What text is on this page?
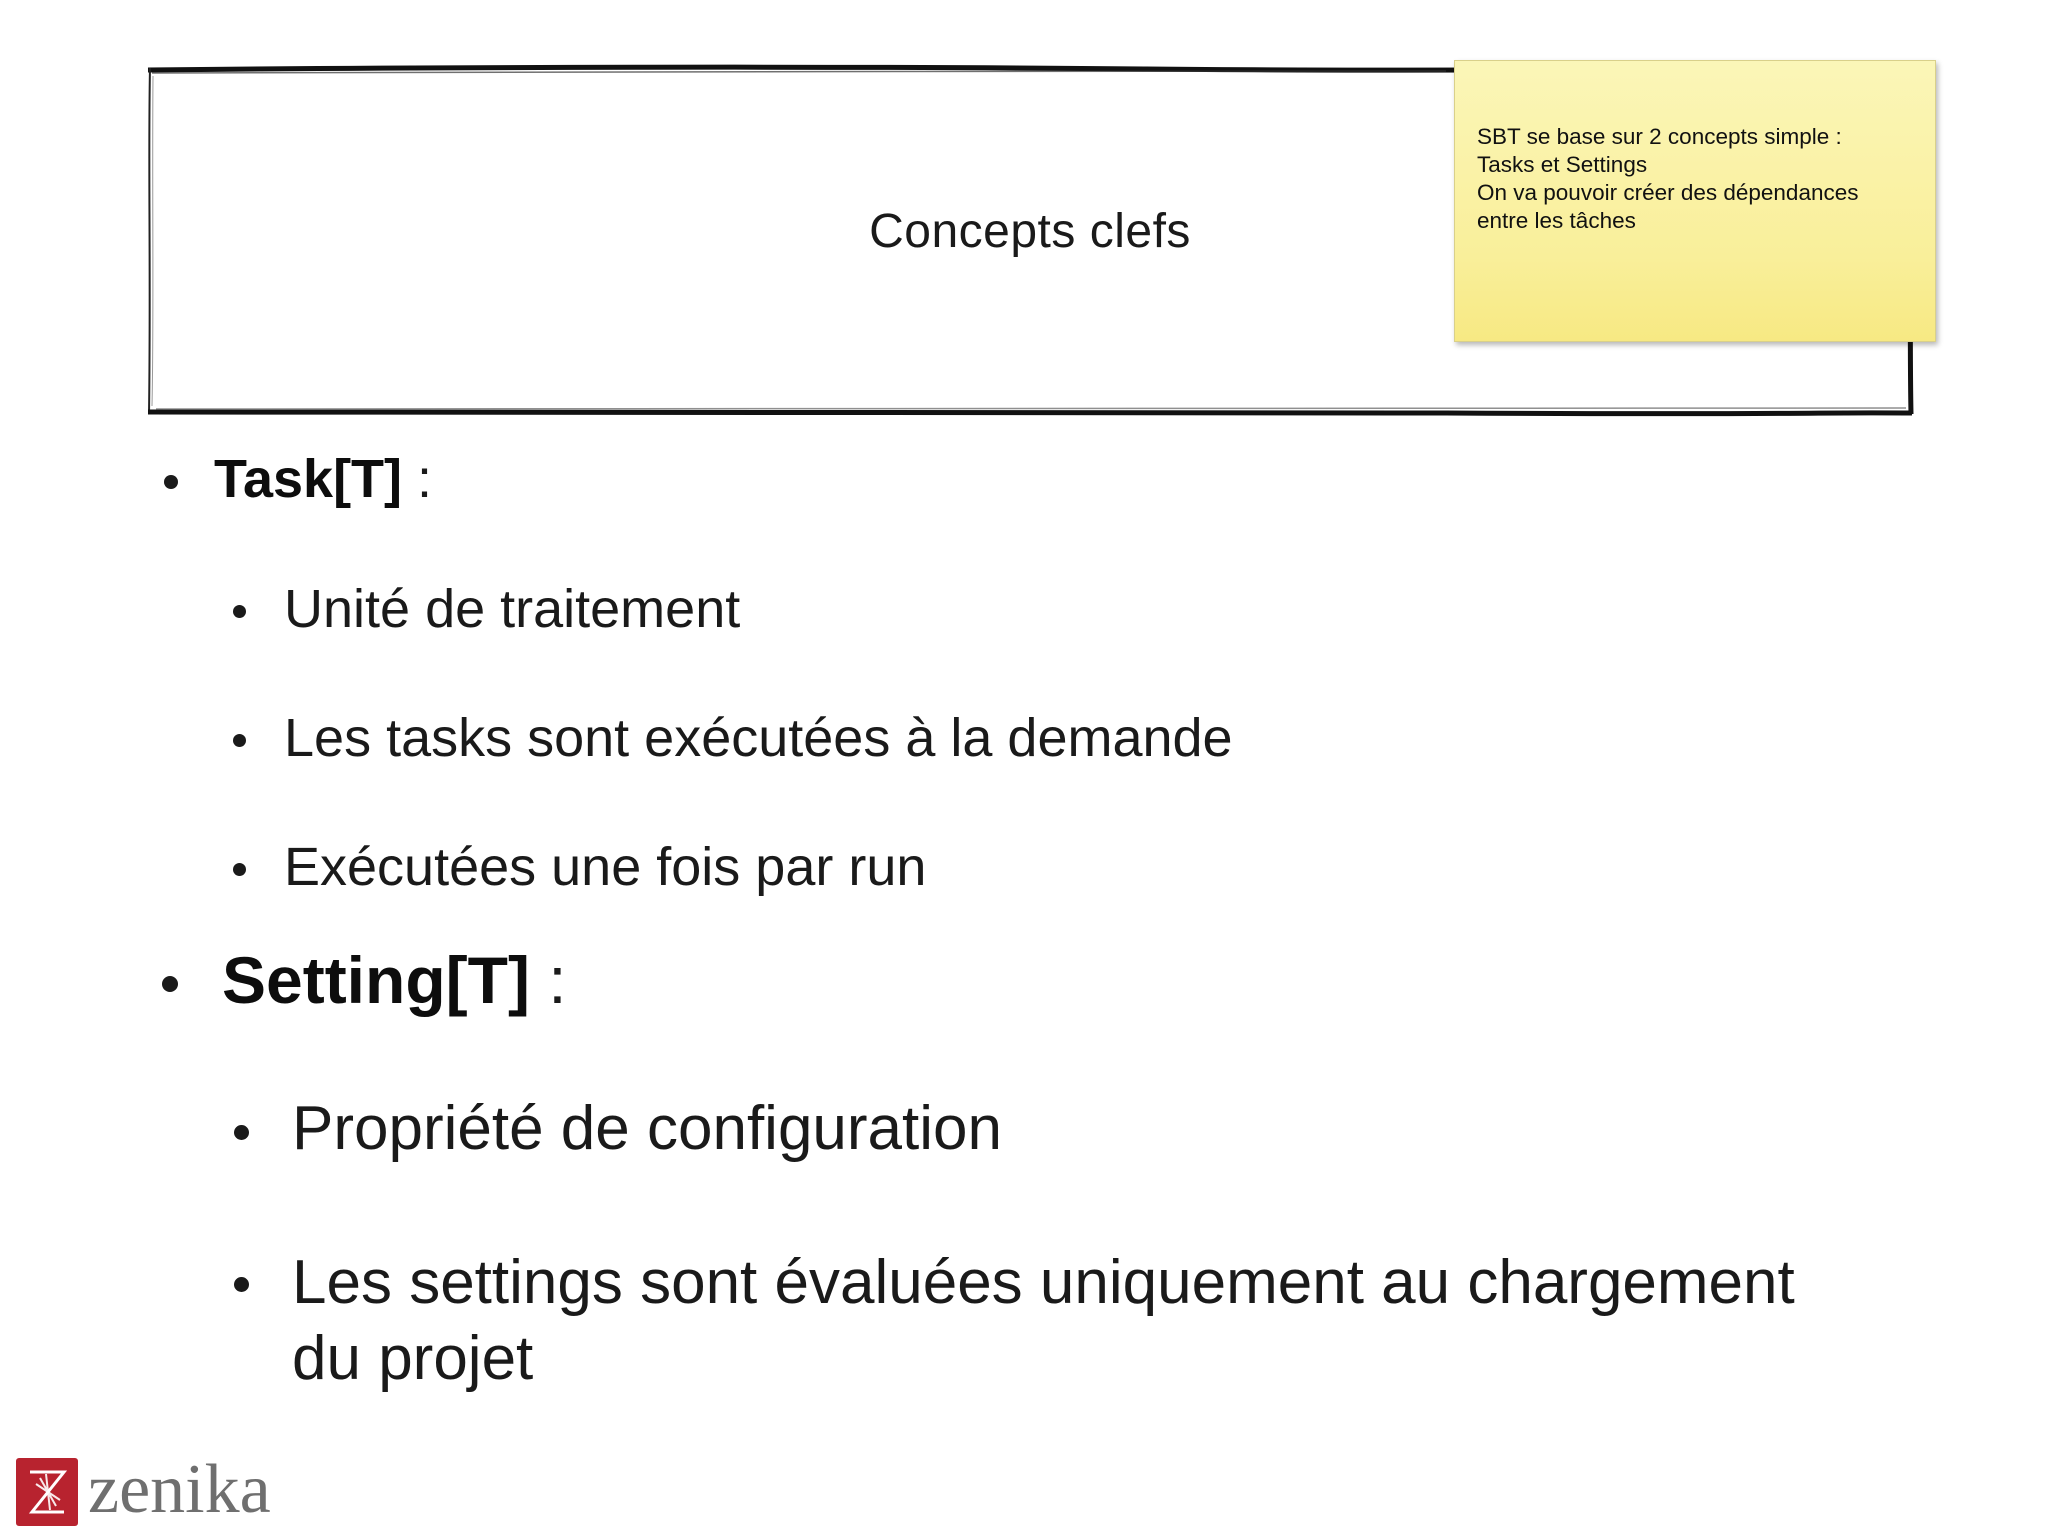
Concepts clefs
SBT se base sur 2 concepts simple :
Tasks et Settings
On va pouvoir créer des dépendances
entre les tâches
Task[T] :
Unité de traitement
Les tasks sont exécutées à la demande
Exécutées une fois par run
Setting[T] :
Propriété de configuration
Les settings sont évaluées uniquement au chargement
du projet
zenika
